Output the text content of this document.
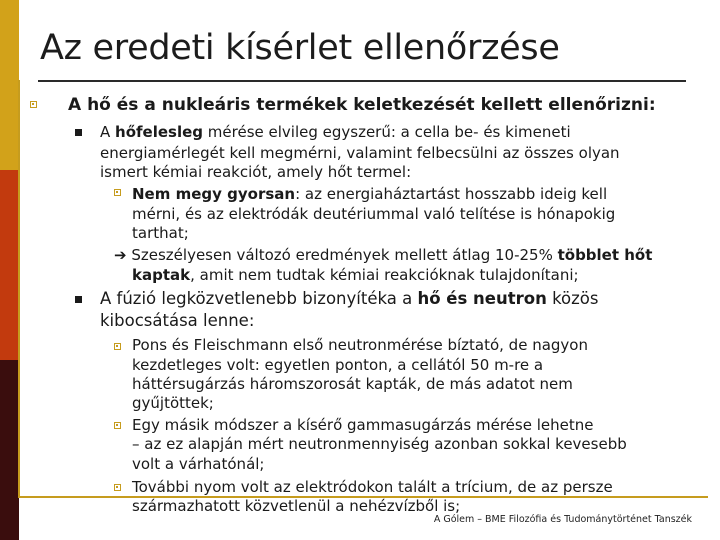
Az eredeti kísérlet ellenőrzése
A hő és a nukleáris termékek keletkezését kellett ellenőrizni:
A hőfelesleg mérése elvileg egyszerű: a cella be- és kimeneti
energiamérlegét kell megmérni, valamint felbecsülni az összes olyan
ismert kémiai reakciót, amely hőt termel:
Nem megy gyorsan: az energiaháztartást hosszabb ideig kell
mérni, és az elektródák deutériummal való telítése is hónapokig
tarthat;
➔ Szeszélyesen változó eredmények mellett átlag 10-25% többlet hőt
kaptak, amit nem tudtak kémiai reakcióknak tulajdonítani;
A fúzió legközvetlenebb bizonyítéka a hő és neutron közös
kibocsátása lenne:
Pons és Fleischmann első neutronmérése bíztató, de nagyon
kezdetleges volt: egyetlen ponton, a cellától 50 m-re a
háttérsugárzás háromszorosát kapták, de más adatot nem
gyűjtöttek;
Egy másik módszer a kísérő gammasugárzás mérése lehetne
– az ez alapján mért neutronmennyiség azonban sokkal kevesebb
volt a várhatónál;
További nyom volt az elektródokon talált a trícium, de az persze
származhatott közvetlenül a nehézvízből is;
A Gólem – BME Filozófia és Tudománytörténet Tanszék
